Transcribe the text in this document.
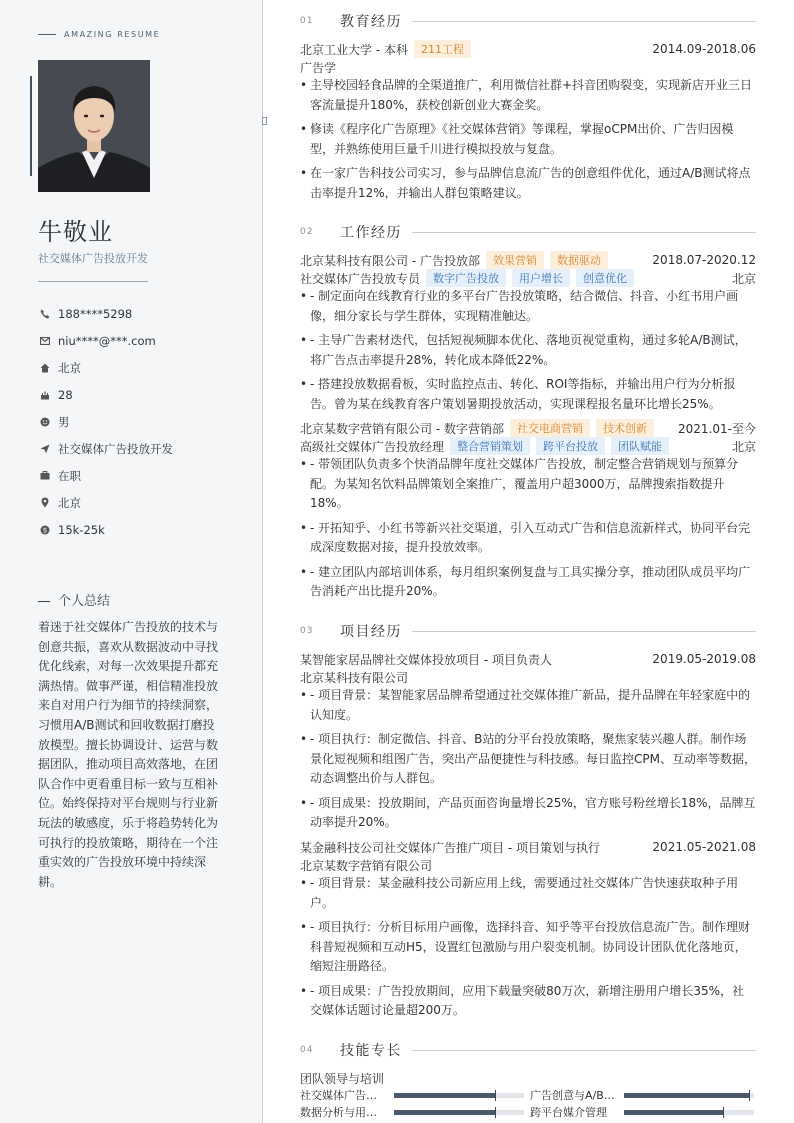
AMAZING RESUME
牛敬业
社交媒体广告投放开发
188****5298
niu****@***.com
北京
28
男
社交媒体广告投放开发
在职
北京
$ 15k-25k
个人总结
着迷于社交媒体广告投放的技术与创意共振，喜欢从数据波动中寻找优化线索，对每一次效果提升都充满热情。做事严谨，相信精准投放来自对用户行为细节的持续洞察，习惯用A/B测试和回收数据打磨投放模型。擅长协调设计、运营与数据团队，推动项目高效落地，在团队合作中更看重目标一致与互相补位。始终保持对平台规则与行业新玩法的敏感度，乐于将趋势转化为可执行的投放策略，期待在一个注重实效的广告投放环境中持续深耕。
01	教育经历
北京工业大学 - 本科	211工程	2014.09-2018.06
广告学
• 主导校园轻食品牌的全渠道推广，利用微信社群+抖音团购裂变，实现新店开业三日客流量提升180%，获校创新创业大赛金奖。
• 修读《程序化广告原理》《社交媒体营销》等课程，掌握oCPM出价、广告归因模型，并熟练使用巨量千川进行模拟投放与复盘。
• 在一家广告科技公司实习，参与品牌信息流广告的创意组件优化，通过A/B测试将点击率提升12%，并输出人群包策略建议。
02	工作经历
北京某科技有限公司 - 广告投放部	效果营销	数据驱动	2018.07-2020.12
社交媒体广告投放专员	数字广告投放	用户增长	创意优化	北京
• - 制定面向在线教育行业的多平台广告投放策略，结合微信、抖音、小红书用户画像，细分家长与学生群体，实现精准触达。
• - 主导广告素材迭代，包括短视频脚本优化、落地页视觉重构，通过多轮A/B测试，将广告点击率提升28%，转化成本降低22%。
• - 搭建投放数据看板，实时监控点击、转化、ROI等指标，并输出用户行为分析报告。曾为某在线教育客户策划暑期投放活动，实现课程报名量环比增长25%。
北京某数字营销有限公司 - 数字营销部	社交电商营销	技术创新	2021.01-至今
高级社交媒体广告投放经理	整合营销策划	跨平台投放	团队赋能	北京
• - 带领团队负责多个快消品牌年度社交媒体广告投放，制定整合营销规划与预算分配。为某知名饮料品牌策划全案推广，覆盖用户超3000万，品牌搜索指数提升18%。
• - 开拓知乎、小红书等新兴社交渠道，引入互动式广告和信息流新样式，协同平台完成深度数据对接，提升投放效率。
• - 建立团队内部培训体系，每月组织案例复盘与工具实操分享，推动团队成员平均广告消耗产出比提升20%。
03	项目经历
某智能家居品牌社交媒体投放项目 - 项目负责人	2019.05-2019.08
北京某科技有限公司
• - 项目背景：某智能家居品牌希望通过社交媒体推广新品，提升品牌在年轻家庭中的认知度。
• - 项目执行：制定微信、抖音、B站的分平台投放策略，聚焦家装兴趣人群。制作场景化短视频和组图广告，突出产品便捷性与科技感。每日监控CPM、互动率等数据，动态调整出价与人群包。
• - 项目成果：投放期间，产品页面咨询量增长25%，官方账号粉丝增长18%，品牌互动率提升20%。
某金融科技公司社交媒体广告推广项目 - 项目策划与执行	2021.05-2021.08
北京某数字营销有限公司
• - 项目背景：某金融科技公司新应用上线，需要通过社交媒体广告快速获取种子用户。
• - 项目执行：分析目标用户画像，选择抖音、知乎等平台投放信息流广告。制作理财科普短视频和互动H5，设置红包激励与用户裂变机制。协同设计团队优化落地页，缩短注册路径。
• - 项目成果：广告投放期间，应用下载量突破80万次，新增注册用户增长35%，社交媒体话题讨论量超200万。
04	技能专长
团队领导与培训
社交媒体广告…	广告创意与A/B…
数据分析与用…	跨平台媒介管理
